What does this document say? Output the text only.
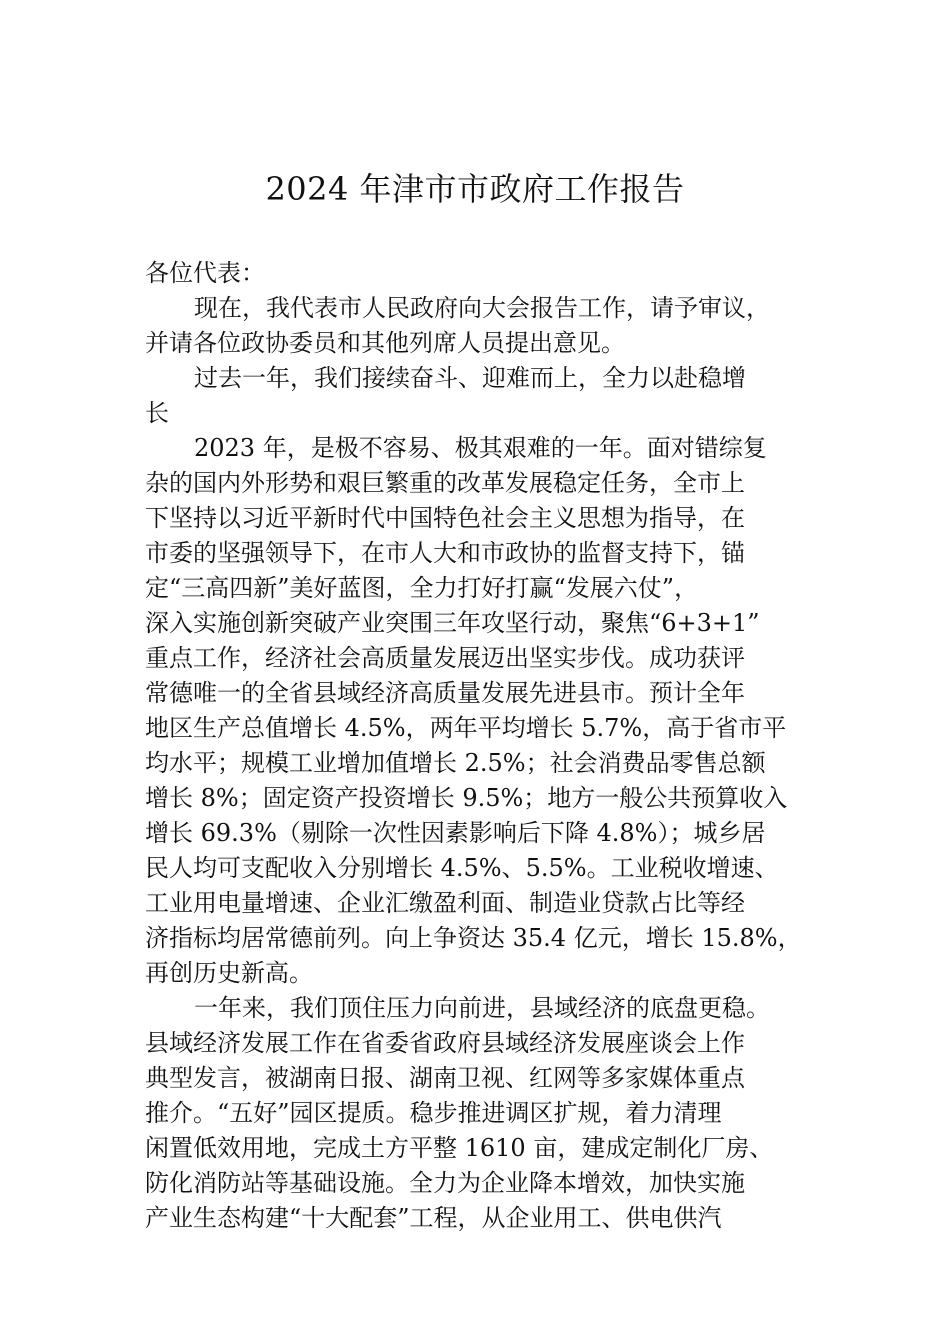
2024 年津市市政府工作报告
各位代表：
现在，我代表市人民政府向大会报告工作，请予审议，
并请各位政协委员和其他列席人员提出意见。
过去一年，我们接续奋斗、迎难而上，全力以赴稳增
长
2023 年，是极不容易、极其艰难的一年。面对错综复
杂的国内外形势和艰巨繁重的改革发展稳定任务，全市上
下坚持以习近平新时代中国特色社会主义思想为指导，在
市委的坚强领导下，在市人大和市政协的监督支持下，锚
定“三高四新”美好蓝图，全力打好打赢“发展六仗”，
深入实施创新突破产业突围三年攻坚行动，聚焦“6+3+1”
重点工作，经济社会高质量发展迈出坚实步伐。成功获评
常德唯一的全省县域经济高质量发展先进县市。预计全年
地区生产总值增长 4.5%，两年平均增长 5.7%，高于省市平
均水平；规模工业增加值增长 2.5%；社会消费品零售总额
增长 8%；固定资产投资增长 9.5%；地方一般公共预算收入
增长 69.3%（剔除一次性因素影响后下降 4.8%）；城乡居
民人均可支配收入分别增长 4.5%、5.5%。工业税收增速、
工业用电量增速、企业汇缴盈利面、制造业贷款占比等经
济指标均居常德前列。向上争资达 35.4 亿元，增长 15.8%，
再创历史新高。
一年来，我们顶住压力向前进，县域经济的底盘更稳。
县域经济发展工作在省委省政府县域经济发展座谈会上作
典型发言，被湖南日报、湖南卫视、红网等多家媒体重点
推介。“五好”园区提质。稳步推进调区扩规，着力清理
闲置低效用地，完成土方平整 1610 亩，建成定制化厂房、
防化消防站等基础设施。全力为企业降本增效，加快实施
产业生态构建“十大配套”工程，从企业用工、供电供汽
